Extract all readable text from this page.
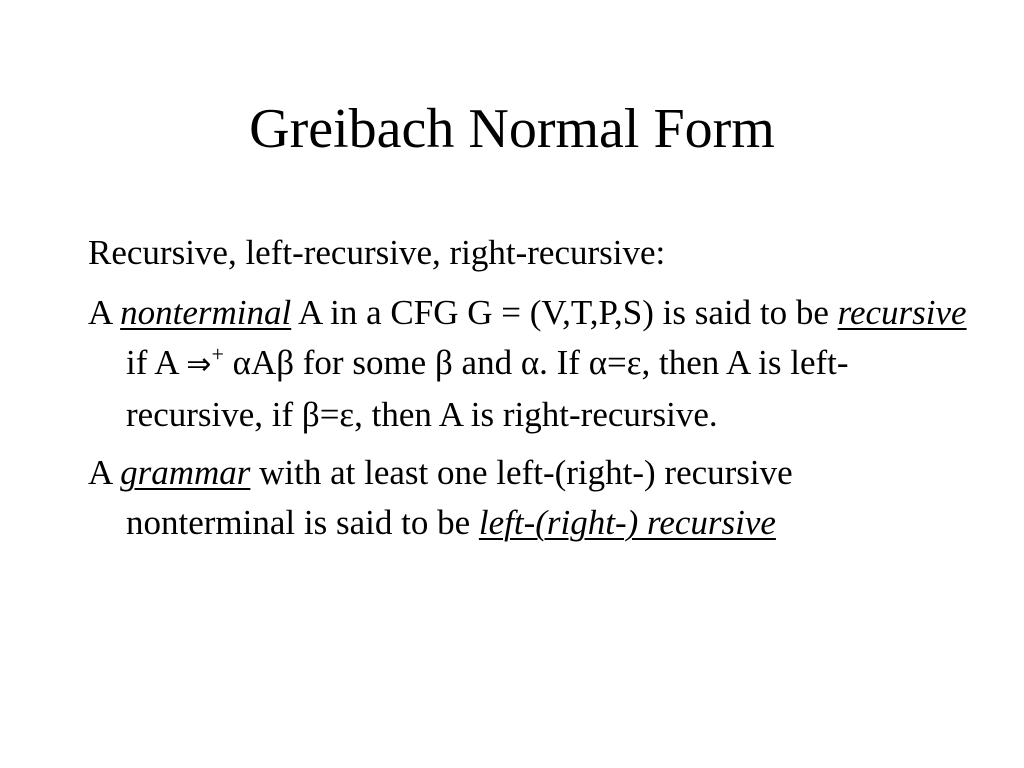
Greibach Normal Form

Recursive, left-recursive, right-recursive:

A nonterminal A in a CFG G = (V,T,P,S) is said to be recursive if A ⇒+ αAβ for some β and α. If α=ε, then A is left-recursive, if β=ε, then A is right-recursive.

A grammar with at least one left-(right-) recursive nonterminal is said to be left-(right-) recursive
